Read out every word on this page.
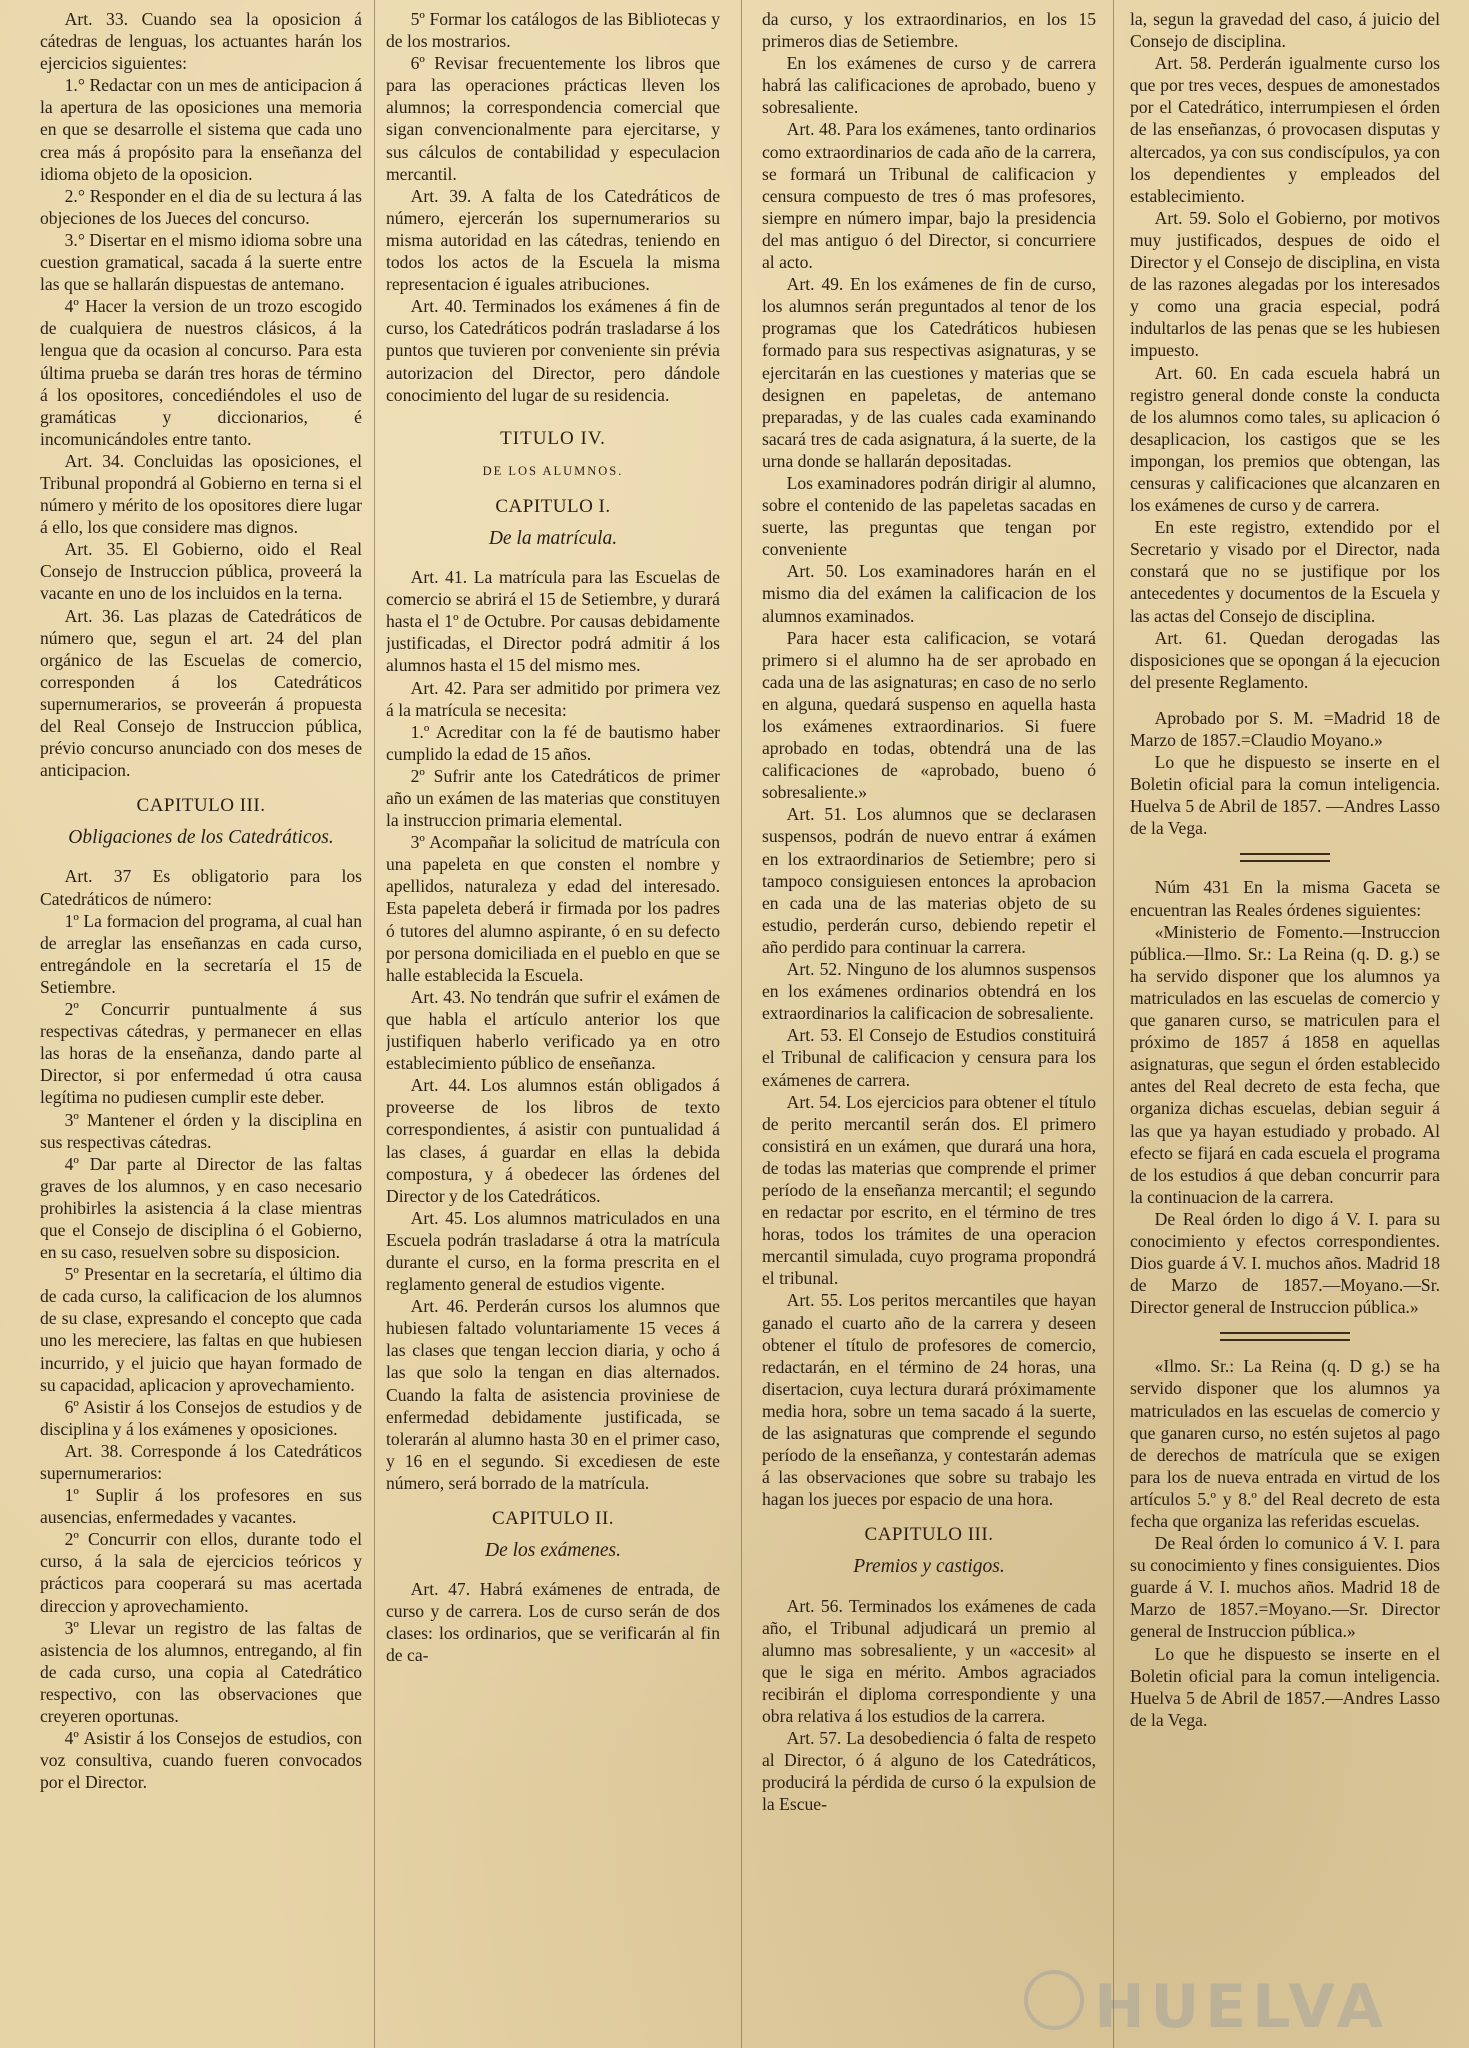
Art. 33. Cuando sea la oposicion á cátedras de lenguas, los actuantes harán los ejercicios siguientes:

1.° Redactar con un mes de anticipacion á la apertura de las oposiciones una memoria en que se desarrolle el sistema que cada uno crea más á propósito para la enseñanza del idioma objeto de la oposicion.

2.° Responder en el dia de su lectura á las objeciones de los Jueces del concurso.

3.° Disertar en el mismo idioma sobre una cuestion gramatical, sacada á la suerte entre las que se hallarán dispuestas de antemano.

4º Hacer la version de un trozo escogido de cualquiera de nuestros clásicos, á la lengua que da ocasion al concurso. Para esta última prueba se darán tres horas de término á los opositores, concediéndoles el uso de gramáticas y diccionarios, é incomunicándoles entre tanto.

Art. 34. Concluidas las oposiciones, el Tribunal propondrá al Gobierno en terna si el número y mérito de los opositores diere lugar á ello, los que considere mas dignos.

Art. 35. El Gobierno, oido el Real Consejo de Instruccion pública, proveerá la vacante en uno de los incluidos en la terna.

Art. 36. Las plazas de Catedráticos de número que, segun el art. 24 del plan orgánico de las Escuelas de comercio, corresponden á los Catedráticos supernumerarios, se proveerán á propuesta del Real Consejo de Instruccion pública, prévio concurso anunciado con dos meses de anticipacion.

CAPITULO III.

Obligaciones de los Catedráticos.

Art. 37 Es obligatorio para los Catedráticos de número:

1º La formacion del programa, al cual han de arreglar las enseñanzas en cada curso, entregándole en la secretaría el 15 de Setiembre.

2º Concurrir puntualmente á sus respectivas cátedras, y permanecer en ellas las horas de la enseñanza, dando parte al Director, si por enfermedad ú otra causa legítima no pudiesen cumplir este deber.

3º Mantener el órden y la disciplina en sus respectivas cátedras.

4º Dar parte al Director de las faltas graves de los alumnos, y en caso necesario prohibirles la asistencia á la clase mientras que el Consejo de disciplina ó el Gobierno, en su caso, resuelven sobre su disposicion.

5º Presentar en la secretaría, el último dia de cada curso, la calificacion de los alumnos de su clase, expresando el concepto que cada uno les mereciere, las faltas en que hubiesen incurrido, y el juicio que hayan formado de su capacidad, aplicacion y aprovechamiento.

6º Asistir á los Consejos de estudios y de disciplina y á los exámenes y oposiciones.

Art. 38. Corresponde á los Catedráticos supernumerarios:

1º Suplir á los profesores en sus ausencias, enfermedades y vacantes.

2º Concurrir con ellos, durante todo el curso, á la sala de ejercicios teóricos y prácticos para cooperará su mas acertada direccion y aprovechamiento.

3º Llevar un registro de las faltas de asistencia de los alumnos, entregando, al fin de cada curso, una copia al Catedrático respectivo, con las observaciones que creyeren oportunas.

4º Asistir á los Consejos de estudios, con voz consultiva, cuando fueren convocados por el Director.

5º Formar los catálogos de las Bibliotecas y de los mostrarios.

6º Revisar frecuentemente los libros que para las operaciones prácticas lleven los alumnos; la correspondencia comercial que sigan convencionalmente para ejercitarse, y sus cálculos de contabilidad y especulacion mercantil.

Art. 39. A falta de los Catedráticos de número, ejercerán los supernumerarios su misma autoridad en las cátedras, teniendo en todos los actos de la Escuela la misma representacion é iguales atribuciones.

Art. 40. Terminados los exámenes á fin de curso, los Catedráticos podrán trasladarse á los puntos que tuvieren por conveniente sin prévia autorizacion del Director, pero dándole conocimiento del lugar de su residencia.

TITULO IV.

DE LOS ALUMNOS.

CAPITULO I.

De la matrícula.

Art. 41. La matrícula para las Escuelas de comercio se abrirá el 15 de Setiembre, y durará hasta el 1º de Octubre. Por causas debidamente justificadas, el Director podrá admitir á los alumnos hasta el 15 del mismo mes.

Art. 42. Para ser admitido por primera vez á la matrícula se necesita:

1.º Acreditar con la fé de bautismo haber cumplido la edad de 15 años.

2º Sufrir ante los Catedráticos de primer año un exámen de las materias que constituyen la instruccion primaria elemental.

3º Acompañar la solicitud de matrícula con una papeleta en que consten el nombre y apellidos, naturaleza y edad del interesado. Esta papeleta deberá ir firmada por los padres ó tutores del alumno aspirante, ó en su defecto por persona domiciliada en el pueblo en que se halle establecida la Escuela.

Art. 43. No tendrán que sufrir el exámen de que habla el artículo anterior los que justifiquen haberlo verificado ya en otro establecimiento público de enseñanza.

Art. 44. Los alumnos están obligados á proveerse de los libros de texto correspondientes, á asistir con puntualidad á las clases, á guardar en ellas la debida compostura, y á obedecer las órdenes del Director y de los Catedráticos.

Art. 45. Los alumnos matriculados en una Escuela podrán trasladarse á otra la matrícula durante el curso, en la forma prescrita en el reglamento general de estudios vigente.

Art. 46. Perderán cursos los alumnos que hubiesen faltado voluntariamente 15 veces á las clases que tengan leccion diaria, y ocho á las que solo la tengan en dias alternados. Cuando la falta de asistencia proviniese de enfermedad debidamente justificada, se tolerarán al alumno hasta 30 en el primer caso, y 16 en el segundo. Si excediesen de este número, será borrado de la matrícula.

CAPITULO II.

De los exámenes.

Art. 47. Habrá exámenes de entrada, de curso y de carrera. Los de curso serán de dos clases: los ordinarios, que se verificarán al fin de ca-

da curso, y los extraordinarios, en los 15 primeros dias de Setiembre.

En los exámenes de curso y de carrera habrá las calificaciones de aprobado, bueno y sobresaliente.

Art. 48. Para los exámenes, tanto ordinarios como extraordinarios de cada año de la carrera, se formará un Tribunal de calificacion y censura compuesto de tres ó mas profesores, siempre en número impar, bajo la presidencia del mas antiguo ó del Director, si concurriere al acto.

Art. 49. En los exámenes de fin de curso, los alumnos serán preguntados al tenor de los programas que los Catedráticos hubiesen formado para sus respectivas asignaturas, y se ejercitarán en las cuestiones y materias que se designen en papeletas, de antemano preparadas, y de las cuales cada examinando sacará tres de cada asignatura, á la suerte, de la urna donde se hallarán depositadas.

Los examinadores podrán dirigir al alumno, sobre el contenido de las papeletas sacadas en suerte, las preguntas que tengan por conveniente

Art. 50. Los examinadores harán en el mismo dia del exámen la calificacion de los alumnos examinados.

Para hacer esta calificacion, se votará primero si el alumno ha de ser aprobado en cada una de las asignaturas; en caso de no serlo en alguna, quedará suspenso en aquella hasta los exámenes extraordinarios. Si fuere aprobado en todas, obtendrá una de las calificaciones de «aprobado, bueno ó sobresaliente.»

Art. 51. Los alumnos que se declarasen suspensos, podrán de nuevo entrar á exámen en los extraordinarios de Setiembre; pero si tampoco consiguiesen entonces la aprobacion en cada una de las materias objeto de su estudio, perderán curso, debiendo repetir el año perdido para continuar la carrera.

Art. 52. Ninguno de los alumnos suspensos en los exámenes ordinarios obtendrá en los extraordinarios la calificacion de sobresaliente.

Art. 53. El Consejo de Estudios constituirá el Tribunal de calificacion y censura para los exámenes de carrera.

Art. 54. Los ejercicios para obtener el título de perito mercantil serán dos. El primero consistirá en un exámen, que durará una hora, de todas las materias que comprende el primer período de la enseñanza mercantil; el segundo en redactar por escrito, en el término de tres horas, todos los trámites de una operacion mercantil simulada, cuyo programa propondrá el tribunal.

Art. 55. Los peritos mercantiles que hayan ganado el cuarto año de la carrera y deseen obtener el título de profesores de comercio, redactarán, en el término de 24 horas, una disertacion, cuya lectura durará próximamente media hora, sobre un tema sacado á la suerte, de las asignaturas que comprende el segundo período de la enseñanza, y contestarán ademas á las observaciones que sobre su trabajo les hagan los jueces por espacio de una hora.

CAPITULO III.

Premios y castigos.

Art. 56. Terminados los exámenes de cada año, el Tribunal adjudicará un premio al alumno mas sobresaliente, y un «accesit» al que le siga en mérito. Ambos agraciados recibirán el diploma correspondiente y una obra relativa á los estudios de la carrera.

Art. 57. La desobediencia ó falta de respeto al Director, ó á alguno de los Catedráticos, producirá la pérdida de curso ó la expulsion de la Escue-

la, segun la gravedad del caso, á juicio del Consejo de disciplina.

Art. 58. Perderán igualmente curso los que por tres veces, despues de amonestados por el Catedrático, interrumpiesen el órden de las enseñanzas, ó provocasen disputas y altercados, ya con sus condiscípulos, ya con los dependientes y empleados del establecimiento.

Art. 59. Solo el Gobierno, por motivos muy justificados, despues de oido el Director y el Consejo de disciplina, en vista de las razones alegadas por los interesados y como una gracia especial, podrá indultarlos de las penas que se les hubiesen impuesto.

Art. 60. En cada escuela habrá un registro general donde conste la conducta de los alumnos como tales, su aplicacion ó desaplicacion, los castigos que se les impongan, los premios que obtengan, las censuras y calificaciones que alcanzaren en los exámenes de curso y de carrera.

En este registro, extendido por el Secretario y visado por el Director, nada constará que no se justifique por los antecedentes y documentos de la Escuela y las actas del Consejo de disciplina.

Art. 61. Quedan derogadas las disposiciones que se opongan á la ejecucion del presente Reglamento.

Aprobado por S. M. =Madrid 18 de Marzo de 1857.=Claudio Moyano.»

Lo que he dispuesto se inserte en el Boletin oficial para la comun inteligencia. Huelva 5 de Abril de 1857. —Andres Lasso de la Vega.

Núm 431 En la misma Gaceta se encuentran las Reales órdenes siguientes:

«Ministerio de Fomento.—Instruccion pública.—Ilmo. Sr.: La Reina (q. D. g.) se ha servido disponer que los alumnos ya matriculados en las escuelas de comercio y que ganaren curso, se matriculen para el próximo de 1857 á 1858 en aquellas asignaturas, que segun el órden establecido antes del Real decreto de esta fecha, que organiza dichas escuelas, debian seguir á las que ya hayan estudiado y probado. Al efecto se fijará en cada escuela el programa de los estudios á que deban concurrir para la continuacion de la carrera.

De Real órden lo digo á V. I. para su conocimiento y efectos correspondientes. Dios guarde á V. I. muchos años. Madrid 18 de Marzo de 1857.—Moyano.—Sr. Director general de Instruccion pública.»

«Ilmo. Sr.: La Reina (q. D g.) se ha servido disponer que los alumnos ya matriculados en las escuelas de comercio y que ganaren curso, no estén sujetos al pago de derechos de matrícula que se exigen para los de nueva entrada en virtud de los artículos 5.º y 8.º del Real decreto de esta fecha que organiza las referidas escuelas.

De Real órden lo comunico á V. I. para su conocimiento y fines consiguientes. Dios guarde á V. I. muchos años. Madrid 18 de Marzo de 1857.=Moyano.—Sr. Director general de Instruccion pública.»

Lo que he dispuesto se inserte en el Boletin oficial para la comun inteligencia. Huelva 5 de Abril de 1857.—Andres Lasso de la Vega.

HUELVA
